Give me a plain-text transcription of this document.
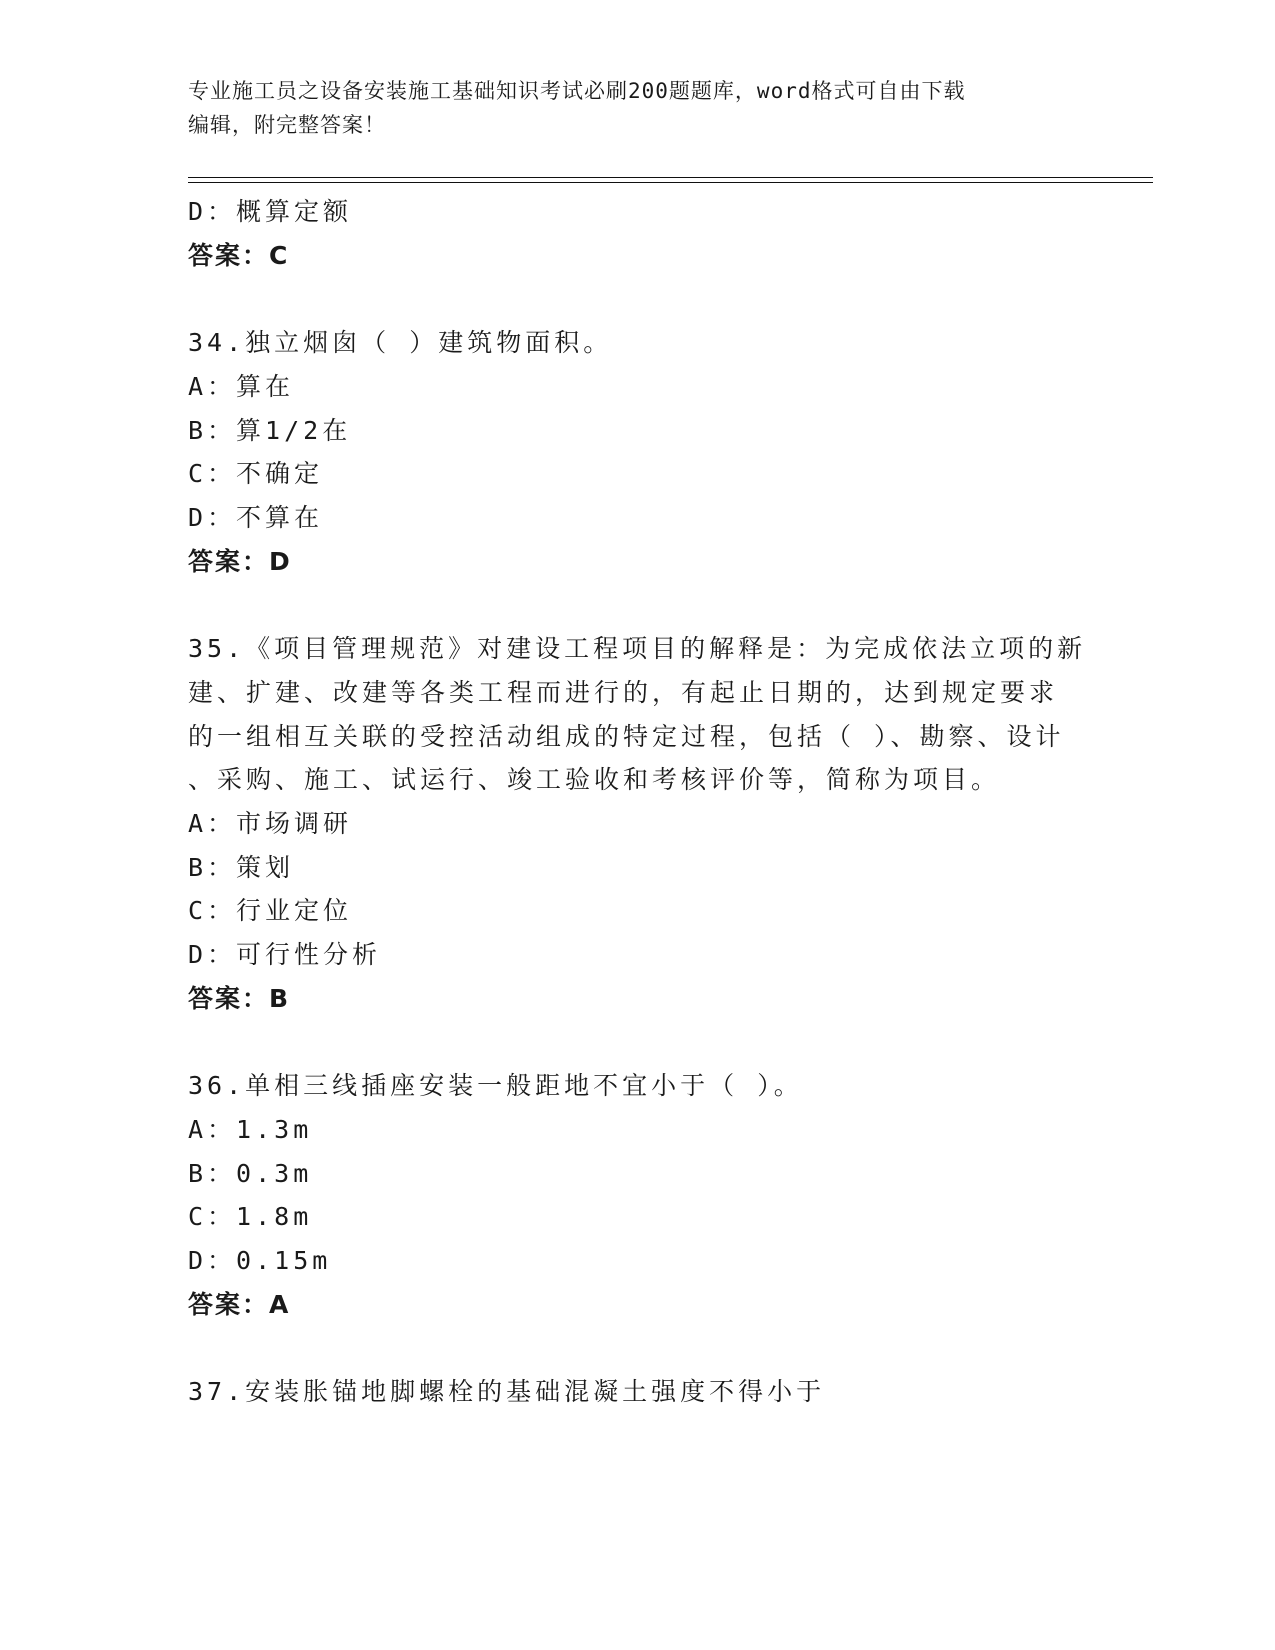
专业施工员之设备安装施工基础知识考试必刷200题题库，word格式可自由下载
编辑，附完整答案！
D：概算定额
答案：C
34.独立烟囱（ ）建筑物面积。
A：算在
B：算1/2在
C：不确定
D：不算在
答案：D
35.《项目管理规范》对建设工程项目的解释是：为完成依法立项的新
建、扩建、改建等各类工程而进行的，有起止日期的，达到规定要求
的一组相互关联的受控活动组成的特定过程，包括（ ）、勘察、设计
、采购、施工、试运行、竣工验收和考核评价等，简称为项目。
A：市场调研
B：策划
C：行业定位
D：可行性分析
答案：B
36.单相三线插座安装一般距地不宜小于（ ）。
A：1.3m
B：0.3m
C：1.8m
D：0.15m
答案：A
37.安装胀锚地脚螺栓的基础混凝土强度不得小于
